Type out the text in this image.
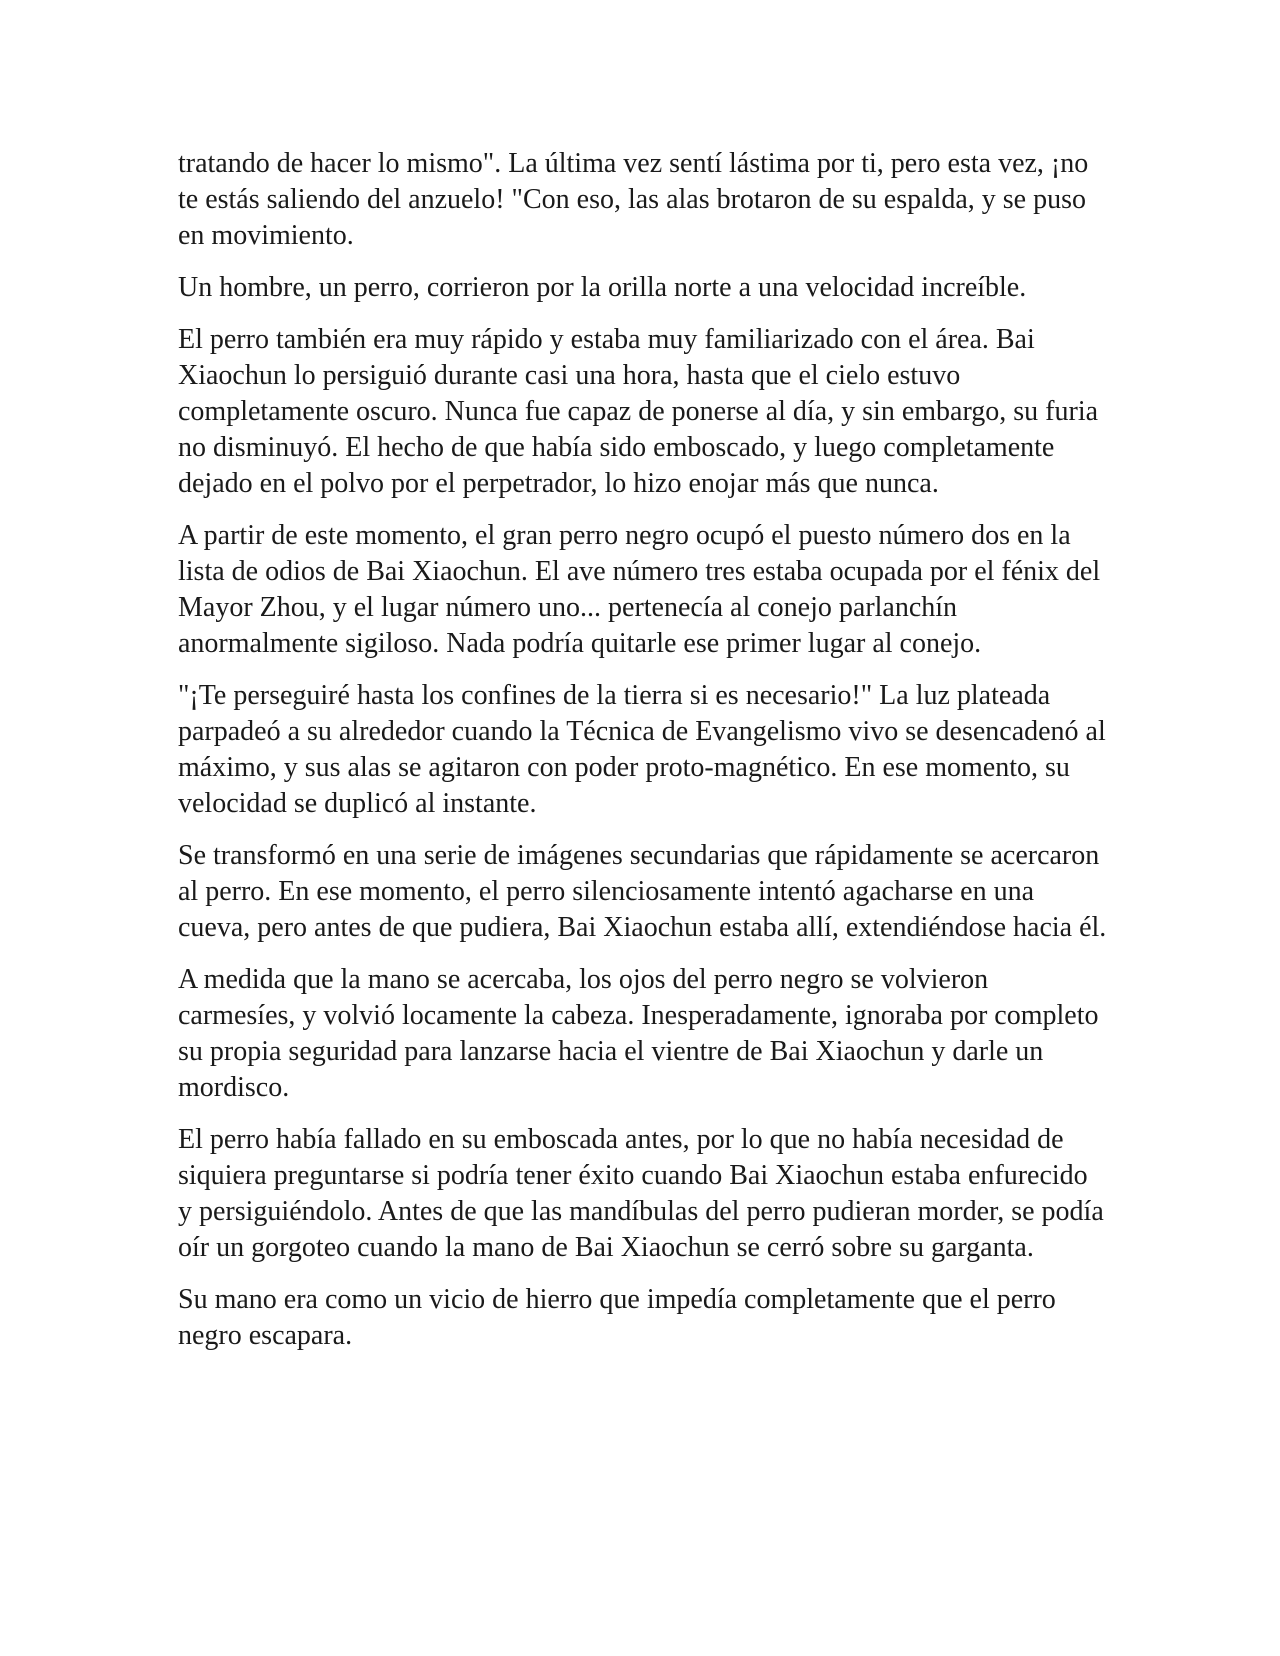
tratando de hacer lo mismo". La última vez sentí lástima por ti, pero esta vez, ¡no te estás saliendo del anzuelo! "Con eso, las alas brotaron de su espalda, y se puso en movimiento.

Un hombre, un perro, corrieron por la orilla norte a una velocidad increíble.

El perro también era muy rápido y estaba muy familiarizado con el área. Bai Xiaochun lo persiguió durante casi una hora, hasta que el cielo estuvo completamente oscuro. Nunca fue capaz de ponerse al día, y sin embargo, su furia no disminuyó. El hecho de que había sido emboscado, y luego completamente dejado en el polvo por el perpetrador, lo hizo enojar más que nunca.

A partir de este momento, el gran perro negro ocupó el puesto número dos en la lista de odios de Bai Xiaochun. El ave número tres estaba ocupada por el fénix del Mayor Zhou, y el lugar número uno... pertenecía al conejo parlanchín anormalmente sigiloso. Nada podría quitarle ese primer lugar al conejo.

"¡Te perseguiré hasta los confines de la tierra si es necesario!" La luz plateada parpadeó a su alrededor cuando la Técnica de Evangelismo vivo se desencadenó al máximo, y sus alas se agitaron con poder proto-magnético. En ese momento, su velocidad se duplicó al instante.

Se transformó en una serie de imágenes secundarias que rápidamente se acercaron al perro. En ese momento, el perro silenciosamente intentó agacharse en una cueva, pero antes de que pudiera, Bai Xiaochun estaba allí, extendiéndose hacia él.

A medida que la mano se acercaba, los ojos del perro negro se volvieron carmesíes, y volvió locamente la cabeza. Inesperadamente, ignoraba por completo su propia seguridad para lanzarse hacia el vientre de Bai Xiaochun y darle un mordisco.

El perro había fallado en su emboscada antes, por lo que no había necesidad de siquiera preguntarse si podría tener éxito cuando Bai Xiaochun estaba enfurecido y persiguiéndolo. Antes de que las mandíbulas del perro pudieran morder, se podía oír un gorgoteo cuando la mano de Bai Xiaochun se cerró sobre su garganta.

Su mano era como un vicio de hierro que impedía completamente que el perro negro escapara.
